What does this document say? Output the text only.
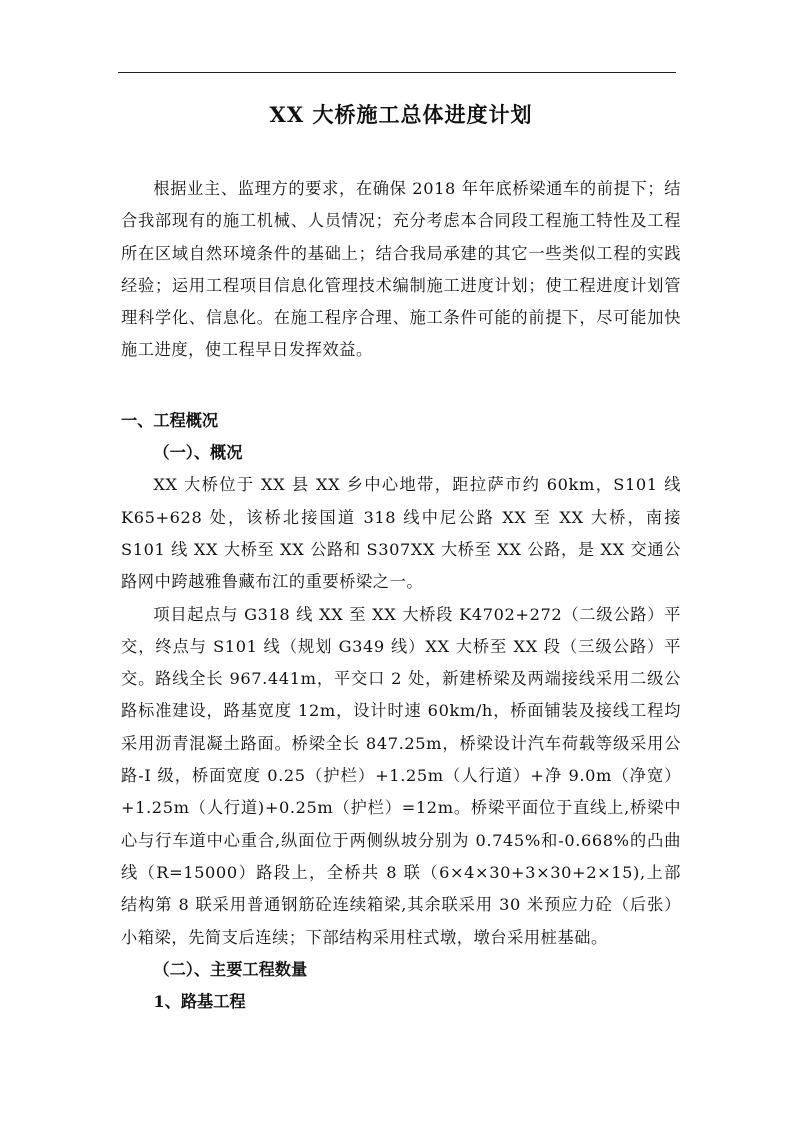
XX 大桥施工总体进度计划

根据业主、监理方的要求，在确保 2018 年年底桥梁通车的前提下；结合我部现有的施工机械、人员情况；充分考虑本合同段工程施工特性及工程所在区域自然环境条件的基础上；结合我局承建的其它一些类似工程的实践经验；运用工程项目信息化管理技术编制施工进度计划；使工程进度计划管理科学化、信息化。在施工程序合理、施工条件可能的前提下，尽可能加快施工进度，使工程早日发挥效益。

一、工程概况
（一）、概况

XX 大桥位于 XX 县 XX 乡中心地带，距拉萨市约 60km，S101 线 K65+628 处，该桥北接国道 318 线中尼公路 XX 至 XX 大桥，南接 S101 线 XX 大桥至 XX 公路和 S307XX 大桥至 XX 公路，是 XX 交通公路网中跨越雅鲁藏布江的重要桥梁之一。

项目起点与 G318 线 XX 至 XX 大桥段 K4702+272（二级公路）平交，终点与 S101 线（规划 G349 线）XX 大桥至 XX 段（三级公路）平交。路线全长 967.441m，平交口 2 处，新建桥梁及两端接线采用二级公路标准建设，路基宽度 12m，设计时速 60km/h，桥面铺装及接线工程均采用沥青混凝土路面。桥梁全长 847.25m，桥梁设计汽车荷载等级采用公路-I 级，桥面宽度 0.25（护栏）+1.25m（人行道）+净 9.0m（净宽）+1.25m（人行道)+0.25m（护栏）=12m。桥梁平面位于直线上,桥梁中心与行车道中心重合,纵面位于两侧纵坡分别为 0.745%和-0.668%的凸曲线（R=15000）路段上，全桥共 8 联（6×4×30+3×30+2×15),上部结构第 8 联采用普通钢筋砼连续箱梁,其余联采用 30 米预应力砼（后张）小箱梁，先简支后连续；下部结构采用柱式墩，墩台采用桩基础。

（二）、主要工程数量
1、路基工程
